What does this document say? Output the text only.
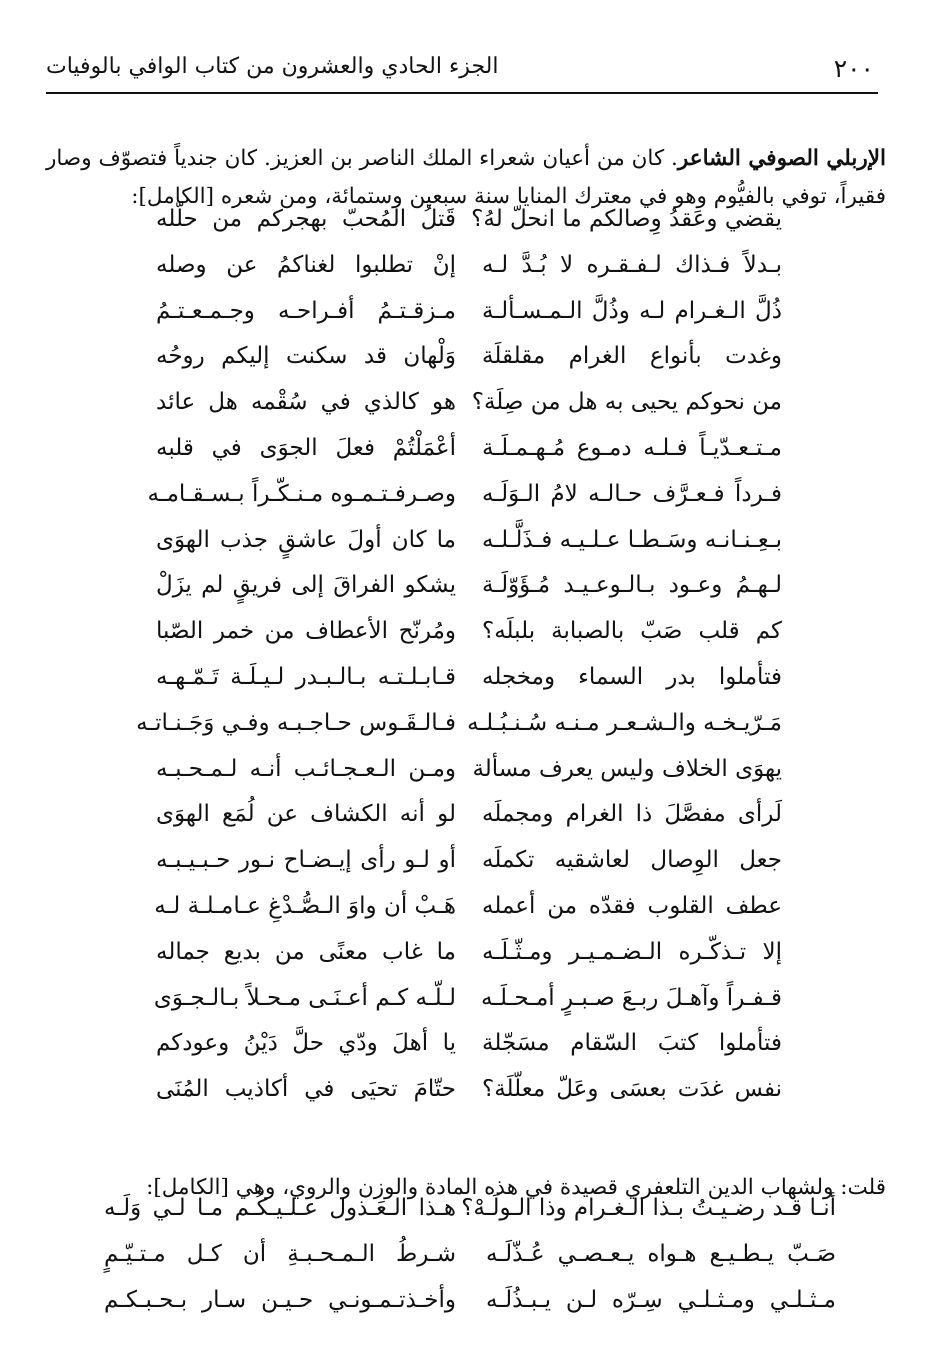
٢٠٠
الجزء الحادي والعشرون من كتاب الوافي بالوفيات

الإربلي الصوفي الشاعر. كان من أعيان شعراء الملك الناصر بن العزيز. كان جندياً فتصوّف وصار فقيراً، توفي بالفيُّوم وهو في معترك المنايا سنة سبعين وستمائة، ومن شعره [الكامل]:

قَتلُ المُحبّ بهجركم من حلّله يقضي وعَقدُ وِصالكم ما انحلّ لهُ؟
إنْ تطلبوا لغناكمُ عن وصله بـدلاً فـذاك لـفـقـره لا بُـدَّ لـه
مـزقـتـمُ أفـراحـه وجـمـعـتـمُ ذُلَّ الـغـرام لـه وذُلَّ الـمـسـألـة
وَلْهان قد سكنت إليكم روحُه وغدت بأنواع الغرام مقلقلَة
هو كالذي في سُقْمه هل عائد من نحوكم يحيى به هل من صِلَة؟
أعْمَلْتُمْ فعلَ الجوَى في قلبه مـتـعـدّيـاً فـلـه دمـوع مُـهـمـلَـة
وصـرفـتـمـوه مـنـكّـراً بـسـقـامـه فـرداً فـعـرَّف حـالـه لامُ الـوَلَـه
ما كان أولَ عاشقٍ جذب الهوَى بـعِـنـانـه وسَـطـا عـلـيـه فـذَلَّـلـه
يشكو الفراقَ إلى فريقٍ لم يزَلْ لـهـمُ وعـود بـالـوعـيـد مُـؤَوّلَـة
ومُرنّح الأعطاف من خمر الصّبا كم قلب صَبّ بالصبابة بلبلَه؟
قـابـلـتـه بـالـبـدر لـيـلَـة تَـمّـهـه فتأملوا بدر السماء ومخجله
فـالـقَـوس حـاجـبـه وفـي وَجَـنـاتـه مَـرّيـخـه والـشـعـر مـنـه سُـنـبُـلـه
ومـن الـعـجـائـب أنـه لـمـحـبـه يهوَى الخلاف وليس يعرف مسألة
لو أنه الكشاف عن لُمَع الهوَى لَرأى مفصَّلَ ذا الغرام ومجملَه
أو لـو رأى إيـضـاح نـور حـبـيـبـه جعل الوِصال لعاشقيه تكملَه
هَـبْ أن واوَ الـصُّـدْغِ عـامـلـة لـه عطف القلوب فقدّه من أعمله
ما غاب معنًى من بديع جماله إلا تـذكّـره الـضـمـيـر ومـثّـلَـه
لـلّـه كـم أعـنَـى مـحـلاً بـالـجـوَى قـفـراً وآهـلَ ربـعَ صـبـرٍ أمـحـلَـه
يا أهلَ ودّي حلَّ دَيْنُ وعودكم فتأملوا كتبَ السّقام مسَجّلة
حتّامَ تحيَى في أكاذيب المُنَى نفس غدَت بعسَى وعَلّ معلّلَة؟

قلت: ولشهاب الدين التلعفري قصيدة في هذه المادة والوزن والروي، وهي [الكامل]:

هـذا الـعَـذول عـلـيـكُـم مـا لـي وَلَـه أنـا قـد رضـيـتُ بـذا الـغـرام وذا الـولَـهْ؟
شـرطُ الـمـحـبـةِ أن كـل مـتـيّـمٍ صَـبّ يـطـيـع هـواه يـعـصـي عُـذّلَـه
وأخـذتـمـونـي حـيـن سـار بـحـبـكـم مـثـلـي ومـثـلـي سِـرّه لـن يـبـذُلَـه
